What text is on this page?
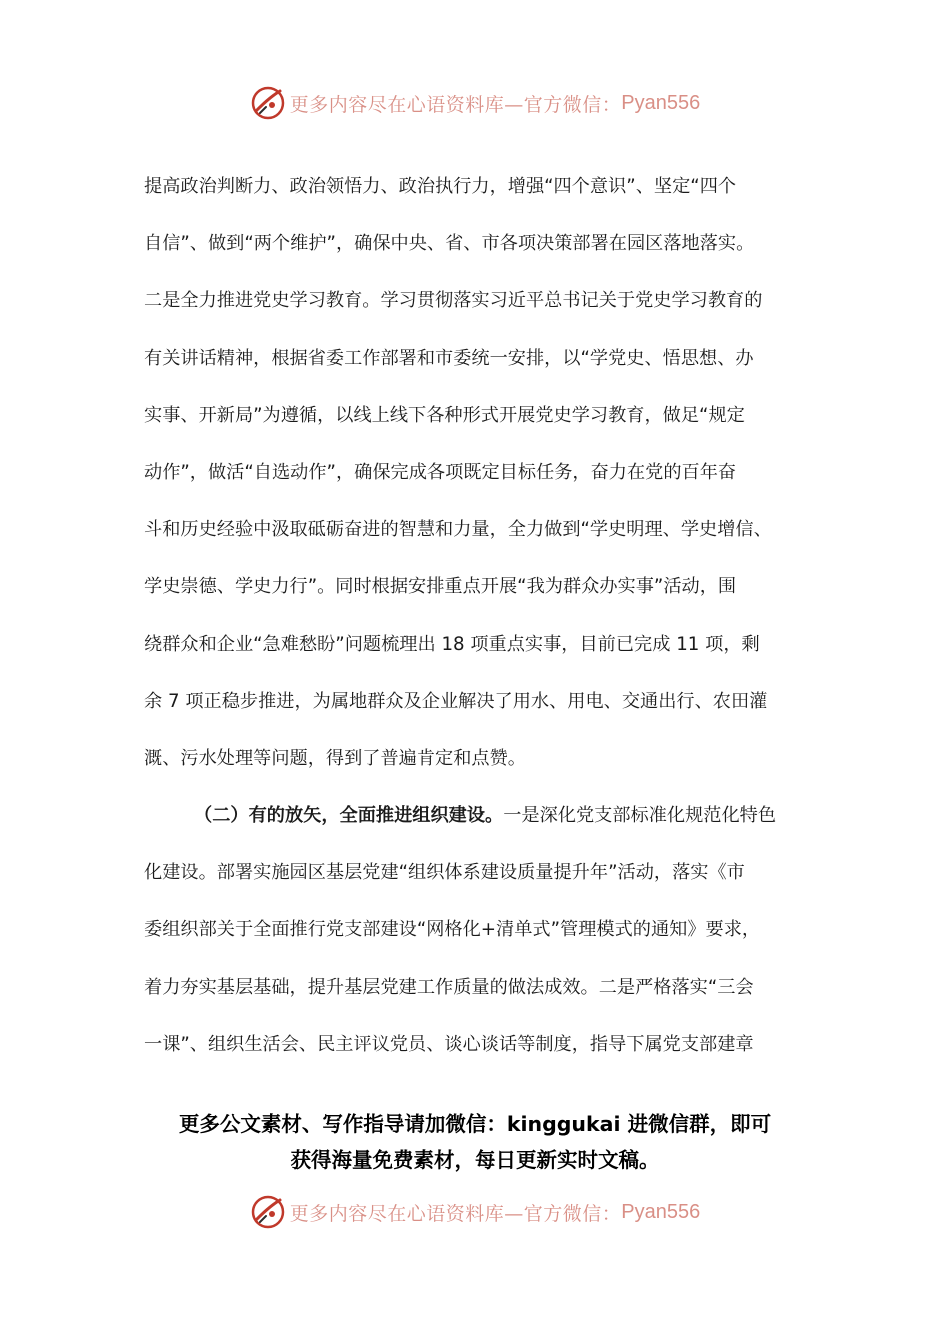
更多内容尽在心语资料库—官方微信： Pyan556
提高政治判断力、政治领悟力、政治执行力，增强“四个意识”、坚定“四个
自信”、做到“两个维护”，确保中央、省、市各项决策部署在园区落地落实。
二是全力推进党史学习教育。学习贯彻落实习近平总书记关于党史学习教育的
有关讲话精神，根据省委工作部署和市委统一安排，以“学党史、悟思想、办
实事、开新局”为遵循，以线上线下各种形式开展党史学习教育，做足“规定
动作”，做活“自选动作”，确保完成各项既定目标任务，奋力在党的百年奋
斗和历史经验中汲取砥砺奋进的智慧和力量，全力做到“学史明理、学史增信、
学史崇德、学史力行”。同时根据安排重点开展“我为群众办实事”活动，围
绕群众和企业“急难愁盼”问题梳理出 18 项重点实事，目前已完成 11 项，剩
余 7 项正稳步推进，为属地群众及企业解决了用水、用电、交通出行、农田灌
溉、污水处理等问题，得到了普遍肯定和点赞。
（二）有的放矢，全面推进组织建设。一是深化党支部标准化规范化特色
化建设。部署实施园区基层党建“组织体系建设质量提升年”活动，落实《市
委组织部关于全面推行党支部建设“网格化+清单式”管理模式的通知》要求，
着力夯实基层基础，提升基层党建工作质量的做法成效。二是严格落实“三会
一课”、组织生活会、民主评议党员、谈心谈话等制度，指导下属党支部建章
更多公文素材、写作指导请加微信：kinggukai 进微信群，即可
获得海量免费素材，每日更新实时文稿。
更多内容尽在心语资料库—官方微信： Pyan556
